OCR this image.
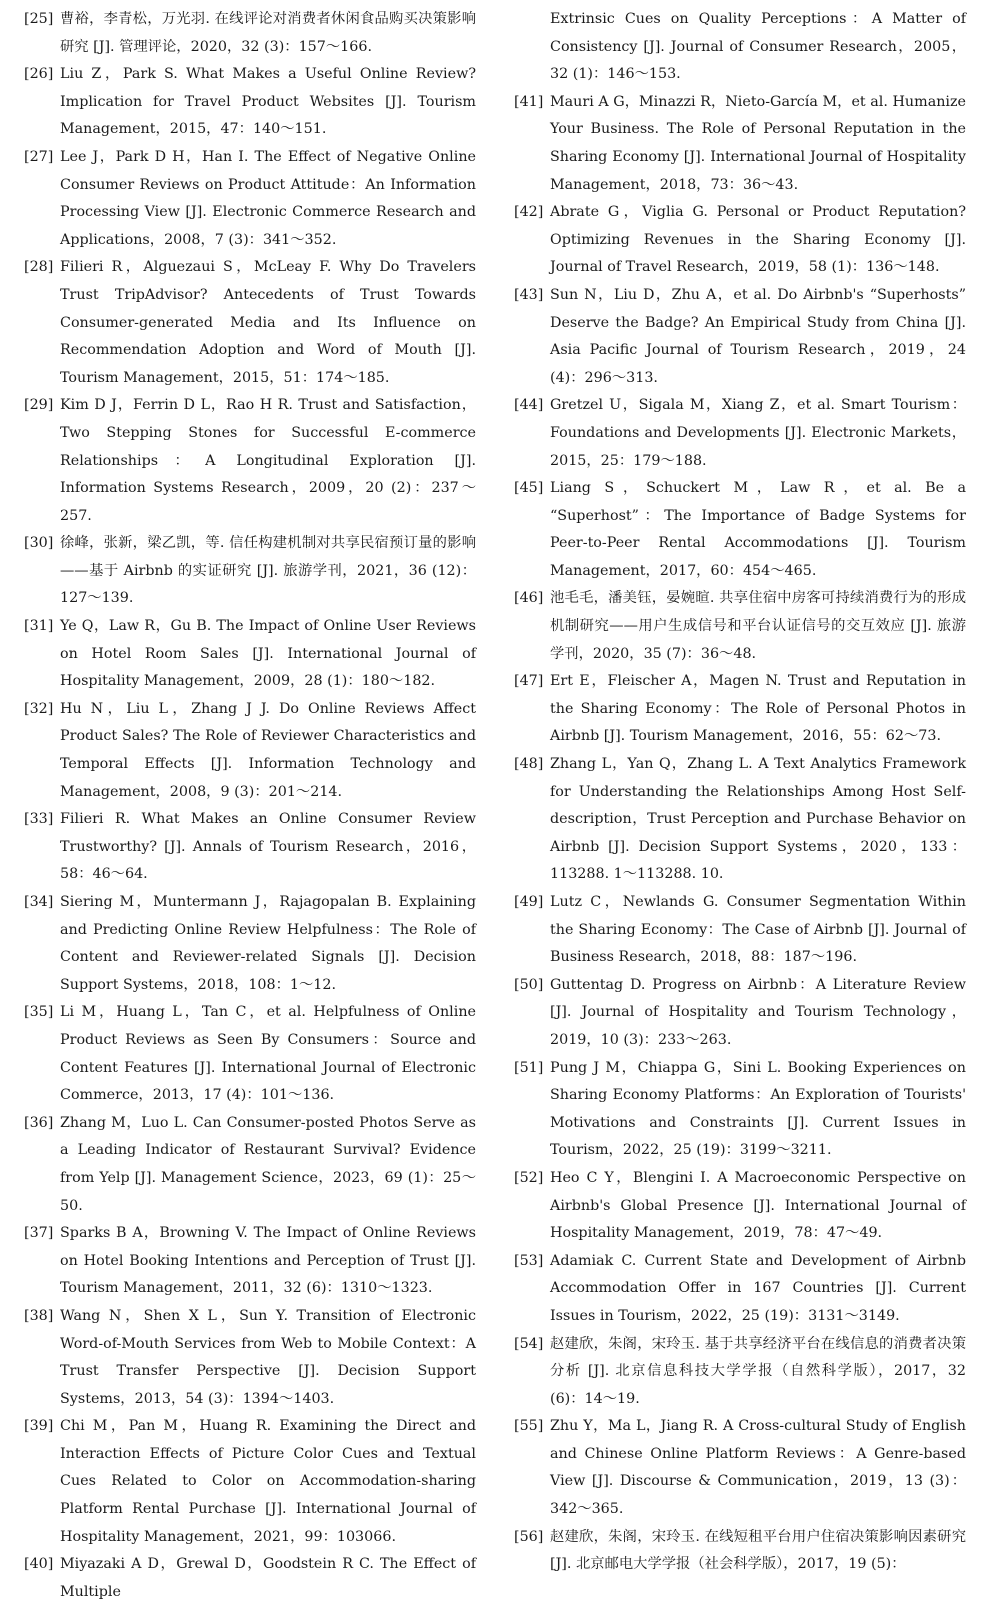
[25] 曹裕，李青松，万光羽. 在线评论对消费者休闲食品购买决策影响研究 [J]. 管理评论，2020，32 (3)：157～166.

[26] Liu Z，Park S. What Makes a Useful Online Review? Implication for Travel Product Websites [J]. Tourism Management，2015，47：140～151.

[27] Lee J，Park D H，Han I. The Effect of Negative Online Consumer Reviews on Product Attitude：An Information Processing View [J]. Electronic Commerce Research and Applications，2008，7 (3)：341～352.

[28] Filieri R，Alguezaui S，McLeay F. Why Do Travelers Trust TripAdvisor? Antecedents of Trust Towards Consumer-generated Media and Its Influence on Recommendation Adoption and Word of Mouth [J]. Tourism Management，2015，51：174～185.

[29] Kim D J，Ferrin D L，Rao H R. Trust and Satisfaction，Two Stepping Stones for Successful E-commerce Relationships：A Longitudinal Exploration [J]. Information Systems Research，2009，20 (2)：237～257.

[30] 徐峰，张新，梁乙凯，等. 信任构建机制对共享民宿预订量的影响——基于 Airbnb 的实证研究 [J]. 旅游学刊，2021，36 (12)：127～139.

[31] Ye Q，Law R，Gu B. The Impact of Online User Reviews on Hotel Room Sales [J]. International Journal of Hospitality Management，2009，28 (1)：180～182.

[32] Hu N，Liu L，Zhang J J. Do Online Reviews Affect Product Sales? The Role of Reviewer Characteristics and Temporal Effects [J]. Information Technology and Management，2008，9 (3)：201～214.

[33] Filieri R. What Makes an Online Consumer Review Trustworthy? [J]. Annals of Tourism Research，2016，58：46～64.

[34] Siering M，Muntermann J，Rajagopalan B. Explaining and Predicting Online Review Helpfulness：The Role of Content and Reviewer-related Signals [J]. Decision Support Systems，2018，108：1～12.

[35] Li M，Huang L，Tan C，et al. Helpfulness of Online Product Reviews as Seen By Consumers：Source and Content Features [J]. International Journal of Electronic Commerce，2013，17 (4)：101～136.

[36] Zhang M，Luo L. Can Consumer-posted Photos Serve as a Leading Indicator of Restaurant Survival? Evidence from Yelp [J]. Management Science，2023，69 (1)：25～50.

[37] Sparks B A，Browning V. The Impact of Online Reviews on Hotel Booking Intentions and Perception of Trust [J]. Tourism Management，2011，32 (6)：1310～1323.

[38] Wang N，Shen X L，Sun Y. Transition of Electronic Word-of-Mouth Services from Web to Mobile Context：A Trust Transfer Perspective [J]. Decision Support Systems，2013，54 (3)：1394～1403.

[39] Chi M，Pan M，Huang R. Examining the Direct and Interaction Effects of Picture Color Cues and Textual Cues Related to Color on Accommodation-sharing Platform Rental Purchase [J]. International Journal of Hospitality Management，2021，99：103066.

[40] Miyazaki A D，Grewal D，Goodstein R C. The Effect of Multiple

Extrinsic Cues on Quality Perceptions：A Matter of Consistency [J]. Journal of Consumer Research，2005，32 (1)：146～153.

[41] Mauri A G，Minazzi R，Nieto-García M，et al. Humanize Your Business. The Role of Personal Reputation in the Sharing Economy [J]. International Journal of Hospitality Management，2018，73：36～43.

[42] Abrate G，Viglia G. Personal or Product Reputation? Optimizing Revenues in the Sharing Economy [J]. Journal of Travel Research，2019，58 (1)：136～148.

[43] Sun N，Liu D，Zhu A，et al. Do Airbnb's “Superhosts” Deserve the Badge? An Empirical Study from China [J]. Asia Pacific Journal of Tourism Research，2019，24 (4)：296～313.

[44] Gretzel U，Sigala M，Xiang Z，et al. Smart Tourism：Foundations and Developments [J]. Electronic Markets，2015，25：179～188.

[45] Liang S，Schuckert M，Law R，et al. Be a “Superhost”：The Importance of Badge Systems for Peer-to-Peer Rental Accommodations [J]. Tourism Management，2017，60：454～465.

[46] 池毛毛，潘美钰，晏婉暄. 共享住宿中房客可持续消费行为的形成机制研究——用户生成信号和平台认证信号的交互效应 [J]. 旅游学刊，2020，35 (7)：36～48.

[47] Ert E，Fleischer A，Magen N. Trust and Reputation in the Sharing Economy：The Role of Personal Photos in Airbnb [J]. Tourism Management，2016，55：62～73.

[48] Zhang L，Yan Q，Zhang L. A Text Analytics Framework for Understanding the Relationships Among Host Self-description，Trust Perception and Purchase Behavior on Airbnb [J]. Decision Support Systems，2020，133：113288. 1～113288. 10.

[49] Lutz C，Newlands G. Consumer Segmentation Within the Sharing Economy：The Case of Airbnb [J]. Journal of Business Research，2018，88：187～196.

[50] Guttentag D. Progress on Airbnb：A Literature Review [J]. Journal of Hospitality and Tourism Technology，2019，10 (3)：233～263.

[51] Pung J M，Chiappa G，Sini L. Booking Experiences on Sharing Economy Platforms：An Exploration of Tourists' Motivations and Constraints [J]. Current Issues in Tourism，2022，25 (19)：3199～3211.

[52] Heo C Y，Blengini I. A Macroeconomic Perspective on Airbnb's Global Presence [J]. International Journal of Hospitality Management，2019，78：47～49.

[53] Adamiak C. Current State and Development of Airbnb Accommodation Offer in 167 Countries [J]. Current Issues in Tourism，2022，25 (19)：3131～3149.

[54] 赵建欣，朱阁，宋玲玉. 基于共享经济平台在线信息的消费者决策分析 [J]. 北京信息科技大学学报（自然科学版），2017，32 (6)：14～19.

[55] Zhu Y，Ma L，Jiang R. A Cross-cultural Study of English and Chinese Online Platform Reviews：A Genre-based View [J]. Discourse & Communication，2019，13 (3)：342～365.

[56] 赵建欣，朱阁，宋玲玉. 在线短租平台用户住宿决策影响因素研究 [J]. 北京邮电大学学报（社会科学版），2017，19 (5)：
